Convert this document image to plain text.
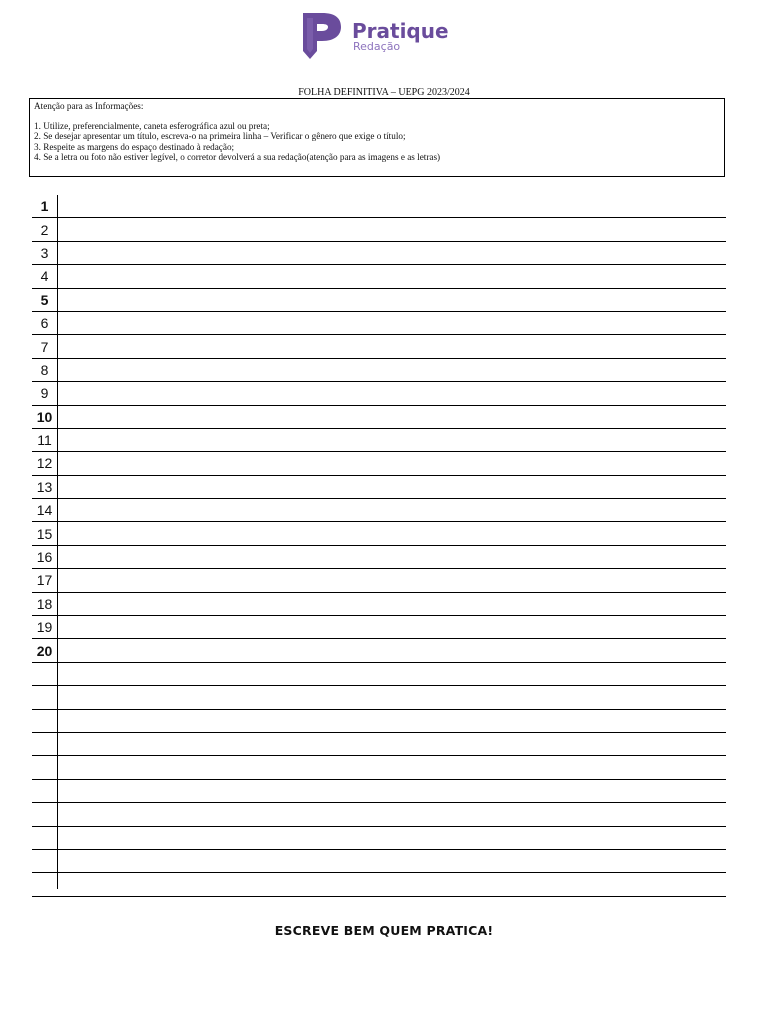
Pratique
Redação
FOLHA DEFINITIVA – UEPG 2023/2024
Atenção para as Informações:
1. Utilize, preferencialmente, caneta esferográfica azul ou preta;
2. Se desejar apresentar um título, escreva-o na primeira linha – Verificar o gênero que exige o título;
3. Respeite as margens do espaço destinado à redação;
4. Se a letra ou foto não estiver legível, o corretor devolverá a sua redação(atenção para as imagens e as letras)
1
2
3
4
5
6
7
8
9
10
11
12
13
14
15
16
17
18
19
20
ESCREVE BEM QUEM PRATICA!
